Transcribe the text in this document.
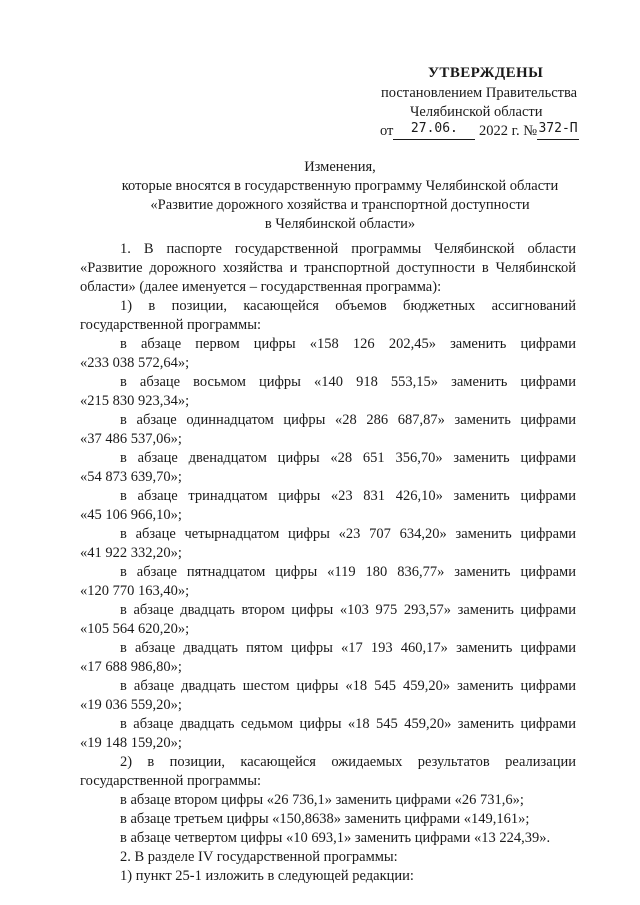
УТВЕРЖДЕНЫ
постановлением Правительства
Челябинской области
от 27.06. 2022 г. №372-П
Изменения,
которые вносятся в государственную программу Челябинской области
«Развитие дорожного хозяйства и транспортной доступности
в Челябинской области»

1. В паспорте государственной программы Челябинской области «Развитие дорожного хозяйства и транспортной доступности в Челябинской области» (далее именуется – государственная программа):

1) в позиции, касающейся объемов бюджетных ассигнований
государственной программы:

в абзаце первом цифры «158 126 202,45» заменить цифрами
«233 038 572,64»;

в абзаце восьмом цифры «140 918 553,15» заменить цифрами
«215 830 923,34»;

в абзаце одиннадцатом цифры «28 286 687,87» заменить цифрами
«37 486 537,06»;

в абзаце двенадцатом цифры «28 651 356,70» заменить цифрами
«54 873 639,70»;

в абзаце тринадцатом цифры «23 831 426,10» заменить цифрами
«45 106 966,10»;

в абзаце четырнадцатом цифры «23 707 634,20» заменить цифрами
«41 922 332,20»;

в абзаце пятнадцатом цифры «119 180 836,77» заменить цифрами
«120 770 163,40»;

в абзаце двадцать втором цифры «103 975 293,57» заменить цифрами
«105 564 620,20»;

в абзаце двадцать пятом цифры «17 193 460,17» заменить цифрами
«17 688 986,80»;

в абзаце двадцать шестом цифры «18 545 459,20» заменить цифрами
«19 036 559,20»;

в абзаце двадцать седьмом цифры «18 545 459,20» заменить цифрами
«19 148 159,20»;

2) в позиции, касающейся ожидаемых результатов реализации
государственной программы:

в абзаце втором цифры «26 736,1» заменить цифрами «26 731,6»;

в абзаце третьем цифры «150,8638» заменить цифрами «149,161»;

в абзаце четвертом цифры «10 693,1» заменить цифрами «13 224,39».

2. В разделе IV государственной программы:

1) пункт 25-1 изложить в следующей редакции:
